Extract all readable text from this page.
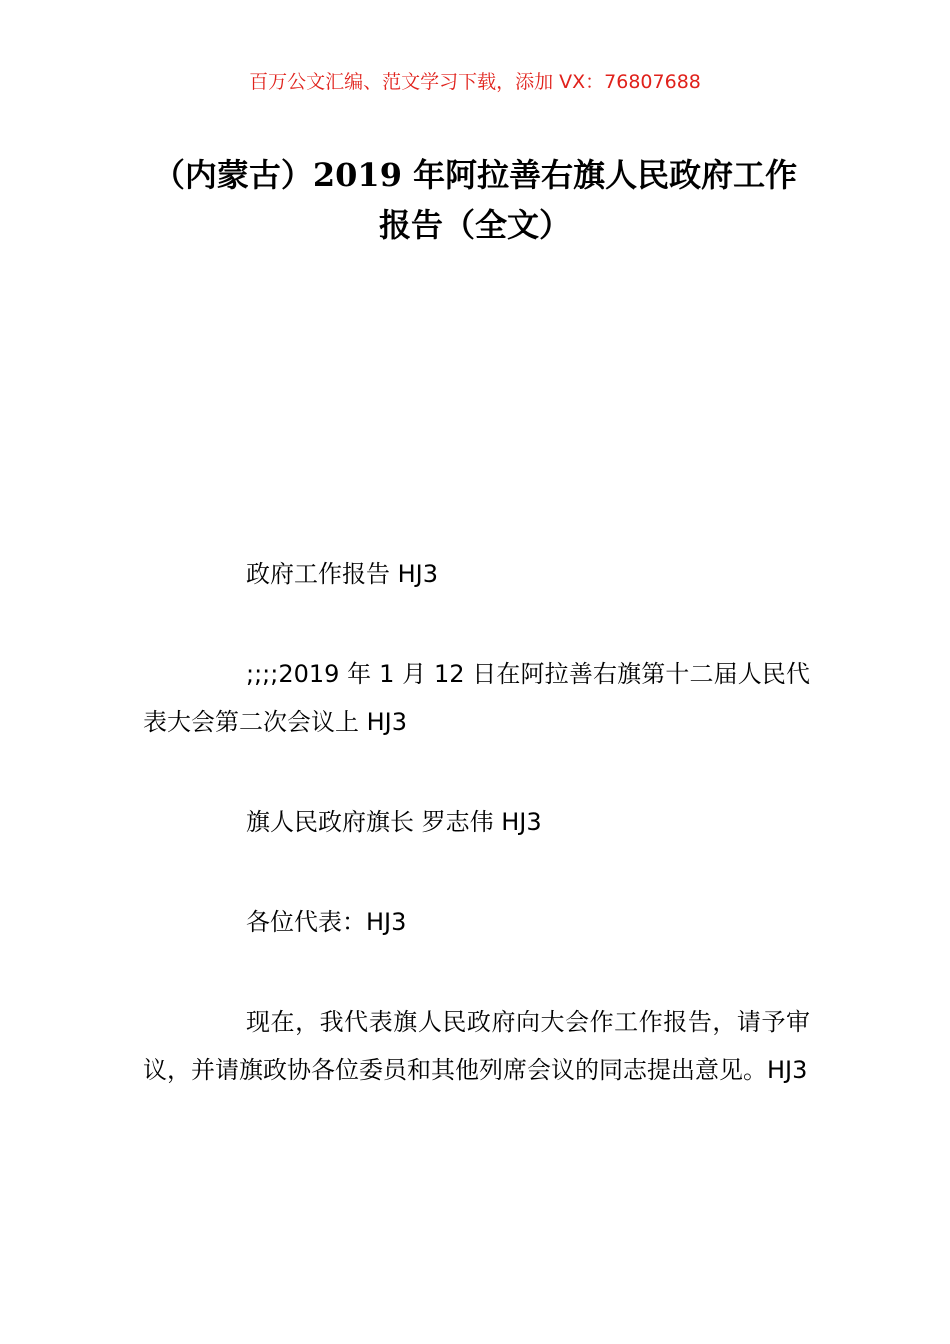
百万公文汇编、范文学习下载，添加 VX：76807688
（内蒙古）2019 年阿拉善右旗人民政府工作报告（全文）
政府工作报告 HJ3
;;;;2019 年 1 月 12 日在阿拉善右旗第十二届人民代表大会第二次会议上 HJ3
旗人民政府旗长 罗志伟 HJ3
各位代表：HJ3
现在，我代表旗人民政府向大会作工作报告，请予审议，并请旗政协各位委员和其他列席会议的同志提出意见。HJ3
